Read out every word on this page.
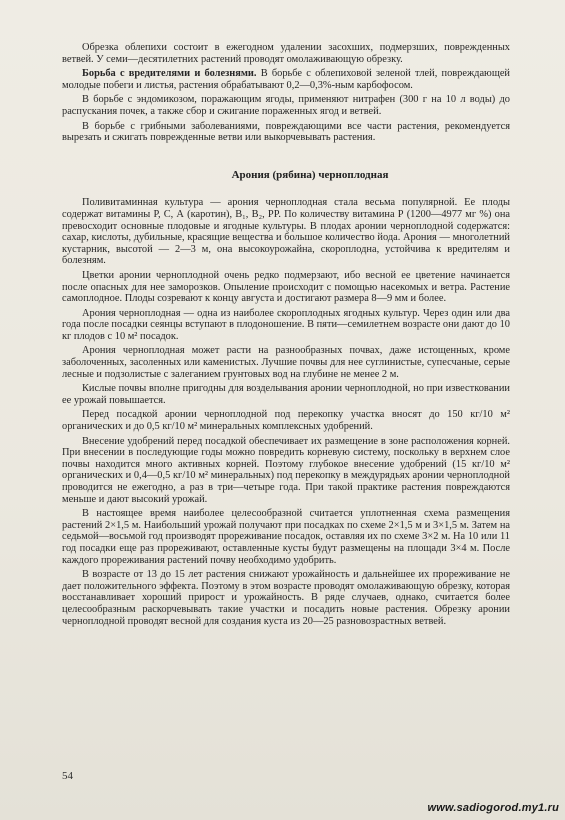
Обрезка облепихи состоит в ежегодном удалении засохших, подмерзших, поврежденных ветвей. У семи—десятилетних растений проводят омолаживающую обрезку.

Борьба с вредителями и болезнями. В борьбе с облепиховой зеленой тлей, повреждающей молодые побеги и листья, растения обрабатывают 0,2—0,3%-ным карбофосом.

В борьбе с эндомикозом, поражающим ягоды, применяют нитрафен (300 г на 10 л воды) до распускания почек, а также сбор и сжигание пораженных ягод и ветвей.

В борьбе с грибными заболеваниями, повреждающими все части растения, рекомендуется вырезать и сжигать поврежденные ветви или выкорчевывать растения.

Арония (рябина) черноплодная

Поливитаминная культура — арония черноплодная стала весьма популярной. Ее плоды содержат витамины Р, С, А (каротин), B₁, B₂, PP. По количеству витамина Р (1200—4977 мг %) она превосходит основные плодовые и ягодные культуры. В плодах аронии черноплодной содержатся: сахар, кислоты, дубильные, красящие вещества и большое количество йода. Арония — многолетний кустарник, высотой — 2—3 м, она высокоурожайна, скороплодна, устойчива к вредителям и болезням.

Цветки аронии черноплодной очень редко подмерзают, ибо весной ее цветение начинается после опасных для нее заморозков. Опыление происходит с помощью насекомых и ветра. Растение самоплодное. Плоды созревают к концу августа и достигают размера 8—9 мм и более.

Арония черноплодная — одна из наиболее скороплодных ягодных культур. Через один или два года после посадки сеянцы вступают в плодоношение. В пяти—семилетнем возрасте они дают до 10 кг плодов с 10 м² посадок.

Арония черноплодная может расти на разнообразных почвах, даже истощенных, кроме заболоченных, засоленных или каменистых. Лучшие почвы для нее суглинистые, супесчаные, серые лесные и подзолистые с залеганием грунтовых вод на глубине не менее 2 м.

Кислые почвы вполне пригодны для возделывания аронии черноплодной, но при известковании ее урожай повышается.

Перед посадкой аронии черноплодной под перекопку участка вносят до 150 кг/10 м² органических и до 0,5 кг/10 м² минеральных комплексных удобрений.

Внесение удобрений перед посадкой обеспечивает их размещение в зоне расположения корней. При внесении в последующие годы можно повредить корневую систему, поскольку в верхнем слое почвы находится много активных корней. Поэтому глубокое внесение удобрений (15 кг/10 м² органических и 0,4—0,5 кг/10 м² минеральных) под перекопку в междурядьях аронии черноплодной проводится не ежегодно, а раз в три—четыре года. При такой практике растения повреждаются меньше и дают высокий урожай.

В настоящее время наиболее целесообразной считается уплотненная схема размещения растений 2×1,5 м. Наибольший урожай получают при посадках по схеме 2×1,5 м и 3×1,5 м. Затем на седьмой—восьмой год производят прореживание посадок, оставляя их по схеме 3×2 м. На 10 или 11 год посадки еще раз прореживают, оставленные кусты будут размещены на площади 3×4 м. После каждого прореживания растений почву необходимо удобрить.

В возрасте от 13 до 15 лет растения снижают урожайность и дальнейшее их прореживание не дает положительного эффекта. Поэтому в этом возрасте проводят омолаживающую обрезку, которая восстанавливает хороший прирост и урожайность. В ряде случаев, однако, считается более целесообразным раскорчевывать такие участки и посадить новые растения. Обрезку аронии черноплодной проводят весной для создания куста из 20—25 разновозрастных ветвей.

54
www.sadiogorod.my1.ru
